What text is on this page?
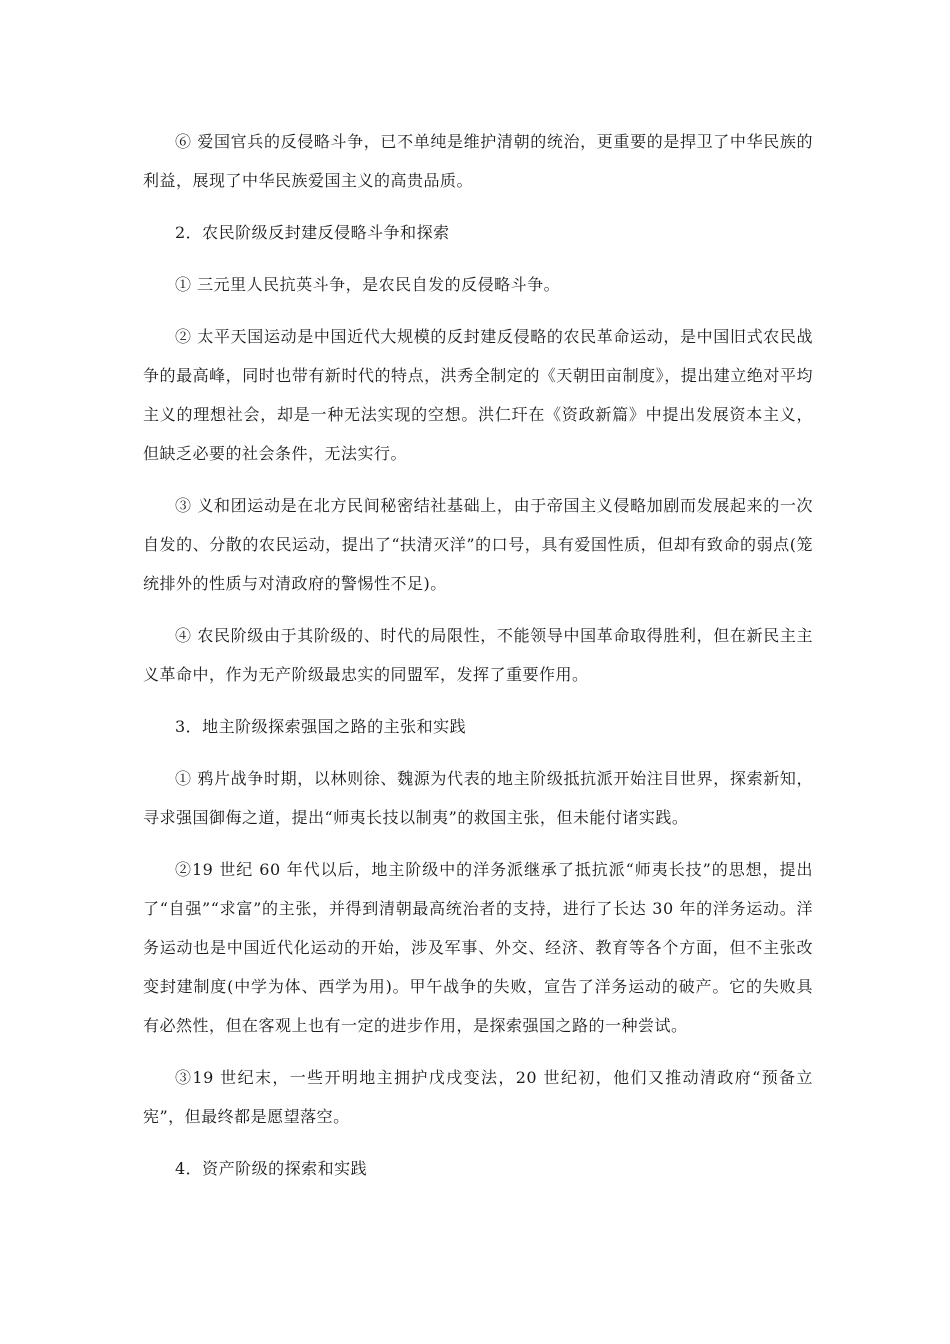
⑥ 爱国官兵的反侵略斗争，已不单纯是维护清朝的统治，更重要的是捍卫了中华民族的利益，展现了中华民族爱国主义的高贵品质。

2．农民阶级反封建反侵略斗争和探索

① 三元里人民抗英斗争，是农民自发的反侵略斗争。

② 太平天国运动是中国近代大规模的反封建反侵略的农民革命运动，是中国旧式农民战争的最高峰，同时也带有新时代的特点，洪秀全制定的《天朝田亩制度》，提出建立绝对平均主义的理想社会，却是一种无法实现的空想。洪仁玕在《资政新篇》中提出发展资本主义，但缺乏必要的社会条件，无法实行。

③ 义和团运动是在北方民间秘密结社基础上，由于帝国主义侵略加剧而发展起来的一次自发的、分散的农民运动，提出了“扶清灭洋”的口号，具有爱国性质，但却有致命的弱点(笼统排外的性质与对清政府的警惕性不足)。

④ 农民阶级由于其阶级的、时代的局限性，不能领导中国革命取得胜利，但在新民主主义革命中，作为无产阶级最忠实的同盟军，发挥了重要作用。

3．地主阶级探索强国之路的主张和实践

① 鸦片战争时期，以林则徐、魏源为代表的地主阶级抵抗派开始注目世界，探索新知，寻求强国御侮之道，提出“师夷长技以制夷”的救国主张，但未能付诸实践。

②19 世纪 60 年代以后，地主阶级中的洋务派继承了抵抗派“师夷长技”的思想，提出了“自强”“求富”的主张，并得到清朝最高统治者的支持，进行了长达 30 年的洋务运动。洋务运动也是中国近代化运动的开始，涉及军事、外交、经济、教育等各个方面，但不主张改变封建制度(中学为体、西学为用)。甲午战争的失败，宣告了洋务运动的破产。它的失败具有必然性，但在客观上也有一定的进步作用，是探索强国之路的一种尝试。

③19 世纪末，一些开明地主拥护戊戌变法，20 世纪初，他们又推动清政府“预备立宪”，但最终都是愿望落空。

4．资产阶级的探索和实践
